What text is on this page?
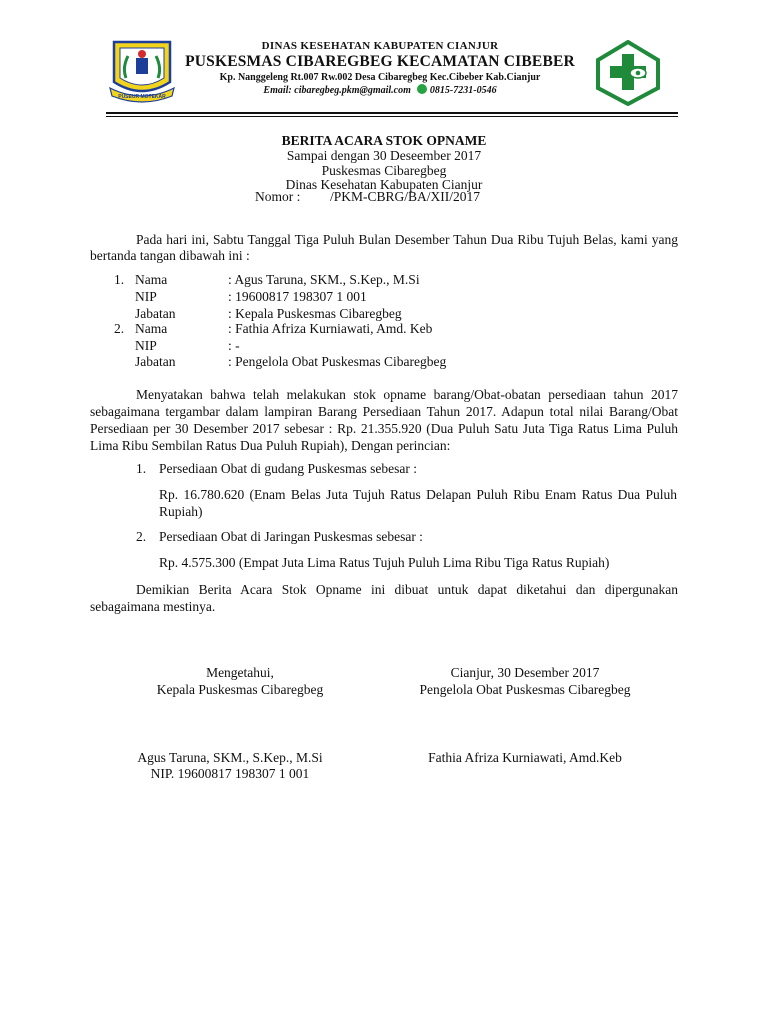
PUSEUR MOTEKAR
DINAS KESEHATAN KABUPATEN CIANJUR
PUSKESMAS CIBAREGBEG KECAMATAN CIBEBER
Kp. Nanggeleng Rt.007 Rw.002 Desa Cibaregbeg Kec.Cibeber Kab.Cianjur
Email: cibaregbeg.pkm@gmail.com 0815-7231-0546
BERITA ACARA STOK OPNAME
Sampai dengan 30 Deseember 2017
Puskesmas Cibaregbeg
Dinas Kesehatan Kabupaten Cianjur
Nomor : /PKM-CBRG/BA/XII/2017
Pada hari ini, Sabtu Tanggal Tiga Puluh Bulan Desember Tahun Dua Ribu Tujuh Belas, kami yang bertanda tangan dibawah ini :
1. Nama	: Agus Taruna, SKM., S.Kep., M.Si
NIP	: 19600817 198307 1 001
Jabatan	: Kepala Puskesmas Cibaregbeg
2. Nama	: Fathia Afriza Kurniawati, Amd. Keb
NIP	: -
Jabatan	: Pengelola Obat Puskesmas Cibaregbeg
Menyatakan bahwa telah melakukan stok opname barang/Obat-obatan persediaan tahun 2017 sebagaimana tergambar dalam lampiran Barang Persediaan Tahun 2017. Adapun total nilai Barang/Obat Persediaan per 30 Desember 2017 sebesar : Rp. 21.355.920 (Dua Puluh Satu Juta Tiga Ratus Lima Puluh Lima Ribu Sembilan Ratus Dua Puluh Rupiah), Dengan perincian:
1. Persediaan Obat di gudang Puskesmas sebesar :
Rp. 16.780.620 (Enam Belas Juta Tujuh Ratus Delapan Puluh Ribu Enam Ratus Dua Puluh Rupiah)
2. Persediaan Obat di Jaringan Puskesmas sebesar :
Rp. 4.575.300 (Empat Juta Lima Ratus Tujuh Puluh Lima Ribu Tiga Ratus Rupiah)
Demikian Berita Acara Stok Opname ini dibuat untuk dapat diketahui dan dipergunakan sebagaimana mestinya.
Mengetahui,
Kepala Puskesmas Cibaregbeg
Cianjur, 30 Desember 2017
Pengelola Obat Puskesmas Cibaregbeg
Agus Taruna, SKM., S.Kep., M.Si
NIP. 19600817 198307 1 001
Fathia Afriza Kurniawati, Amd.Keb
